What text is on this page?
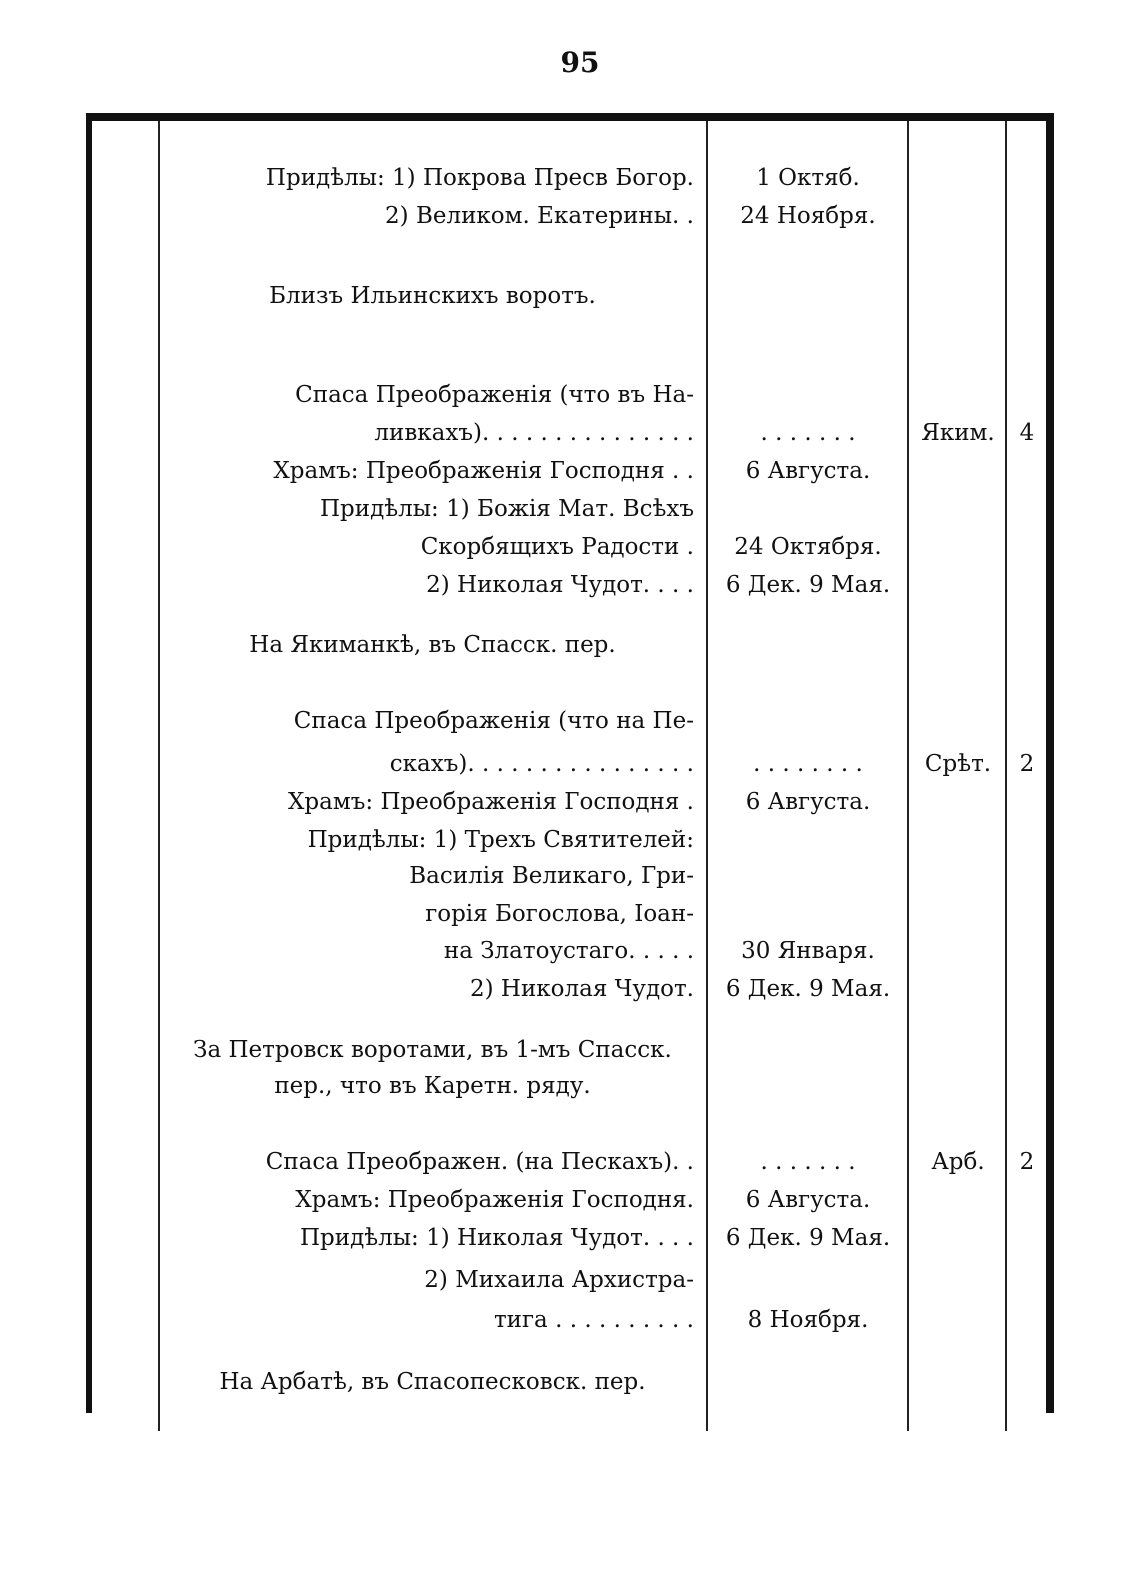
95
Придѣлы: 1) Покрова Пресв Богор.	1 Октяб.
2) Великом. Екатерины. .	24 Ноября.
Близъ Ильинскихъ воротъ.
Спаса Преображенія (что въ На-
ливкахъ). . . . . . . . . . . . . . .	. . . . . . .	Яким.	4
Храмъ: Преображенія Господня . .	6 Августа.
Придѣлы: 1) Божія Мат. Всѣхъ
Скорбящихъ Радости .	24 Октября.
2) Николая Чудот. . . .	6 Дек. 9 Мая.
На Якиманкѣ, въ Спасск. пер.
Спаса Преображенія (что на Пе-
скахъ). . . . . . . . . . . . . . . .	. . . . . . . .	Срѣт.	2
Храмъ: Преображенія Господня .	6 Августа.
Придѣлы: 1) Трехъ Святителей:
Василія Великаго, Гри-
горія Богослова, Іоан-
на Златоустаго. . . . .	30 Января.
2) Николая Чудот.	6 Дек. 9 Мая.
За Петровск воротами, въ 1-мъ Спасск.
пер., что въ Каретн. ряду.
Спаса Преображен. (на Пескахъ). .	. . . . . . .	Арб.	2
Храмъ: Преображенія Господня.	6 Августа.
Придѣлы: 1) Николая Чудот. . . .	6 Дек. 9 Мая.
2) Михаила Архистра-
тига . . . . . . . . . .	8 Ноября.
На Арбатѣ, въ Спасопесковск. пер.
